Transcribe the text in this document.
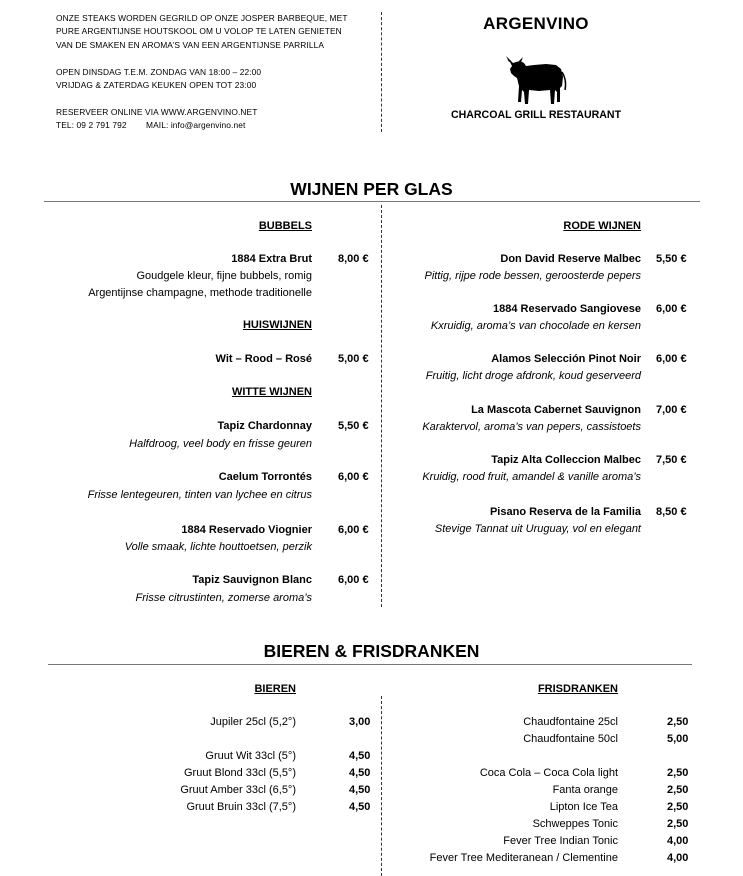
ONZE STEAKS WORDEN GEGRILD OP ONZE JOSPER BARBEQUE, MET
PURE ARGENTIJNSE HOUTSKOOL OM U VOLOP TE LATEN GENIETEN
VAN DE SMAKEN EN AROMA’S VAN EEN ARGENTIJNSE PARRILLA

OPEN DINSDAG T.E.M. ZONDAG VAN 18:00 – 22:00
VRIJDAG & ZATERDAG KEUKEN OPEN TOT 23:00

RESERVEER ONLINE VIA WWW.ARGENVINO.NET
TEL: 09 2 791 792        MAIL: info@argenvino.net
ARGENVINO
CHARCOAL GRILL RESTAURANT
WIJNEN PER GLAS
BUBBELS
1884 Extra Brut 8,00 €
Goudgele kleur, fijne bubbels, romig
Argentijnse champagne, methode traditionelle
HUISWIJNEN
Wit – Rood – Rosé 5,00 €
WITTE WIJNEN
Tapiz Chardonnay 5,50 €
Halfdroog, veel body en frisse geuren
Caelum Torrontés 6,00 €
Frisse lentegeuren, tinten van lychee en citrus
1884 Reservado Viognier 6,00 €
Volle smaak, lichte houttoetsen, perzik
Tapiz Sauvignon Blanc 6,00 €
Frisse citrustinten, zomerse aroma’s
RODE WIJNEN
Don David Reserve Malbec 5,50 €
Pittig, rijpe rode bessen, geroosterde pepers
1884 Reservado Sangiovese 6,00 €
Kxruidig, aroma’s van chocolade en kersen
Alamos Selección Pinot Noir 6,00 €
Fruitig, licht droge afdronk, koud geserveerd
La Mascota Cabernet Sauvignon 7,00 €
Karaktervol, aroma’s van pepers, cassistoets
Tapiz Alta Colleccion Malbec 7,50 €
Kruidig, rood fruit, amandel & vanille aroma’s
Pisano Reserva de la Familia 8,50 €
Stevige Tannat uit Uruguay, vol en elegant
BIEREN & FRISDRANKEN
BIEREN
Jupiler 25cl (5,2°)	3,00
Gruut Wit 33cl (5°)	4,50
Gruut Blond 33cl (5,5°)	4,50
Gruut Amber 33cl (6,5°)	4,50
Gruut Bruin 33cl (7,5°)	4,50
FRISDRANKEN
Chaudfontaine 25cl	2,50
Chaudfontaine 50cl	5,00
Coca Cola – Coca Cola light	2,50
Fanta orange	2,50
Lipton Ice Tea	2,50
Schweppes Tonic	2,50
Fever Tree Indian Tonic	4,00
Fever Tree Mediteranean / Clementine	4,00
